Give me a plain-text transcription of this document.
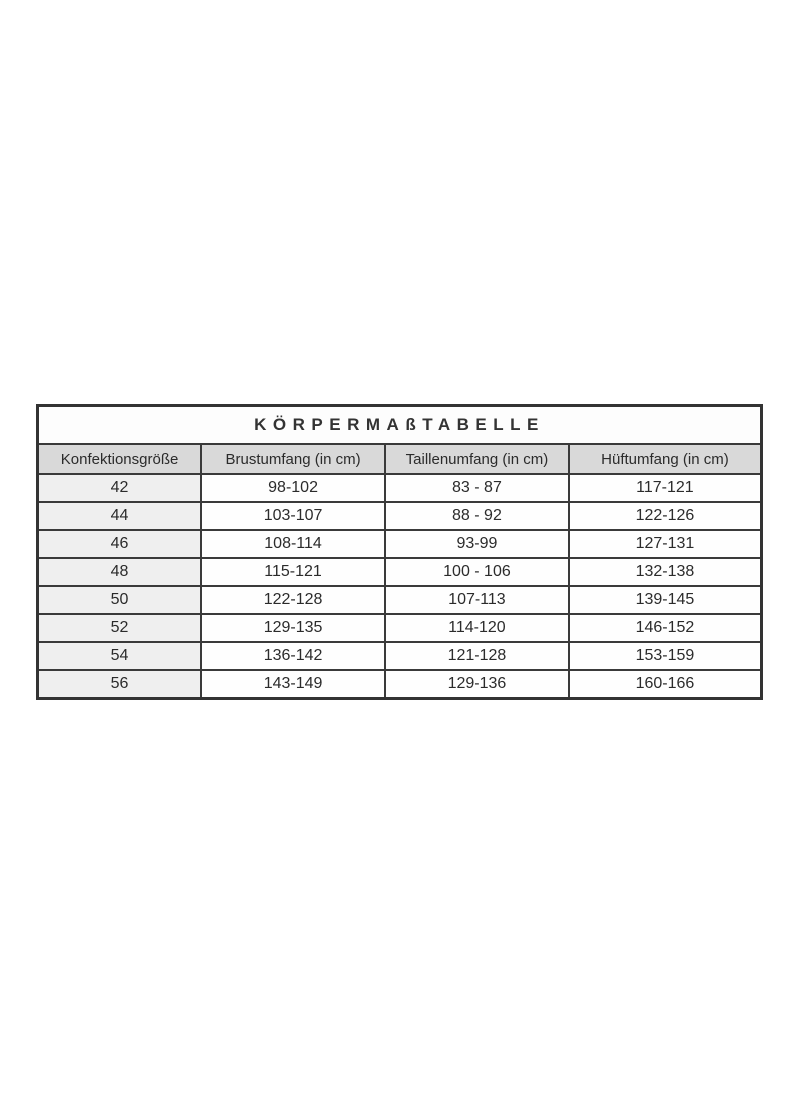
KÖRPERMAßTABELLE			
Konfektionsgröße	Brustumfang (in cm)	Taillenumfang (in cm)	Hüftumfang (in cm)
42	98-102	83 - 87	117-121
44	103-107	88 - 92	122-126
46	108-114	93-99	127-131
48	115-121	100 - 106	132-138
50	122-128	107-113	139-145
52	129-135	114-120	146-152
54	136-142	121-128	153-159
56	143-149	129-136	160-166
